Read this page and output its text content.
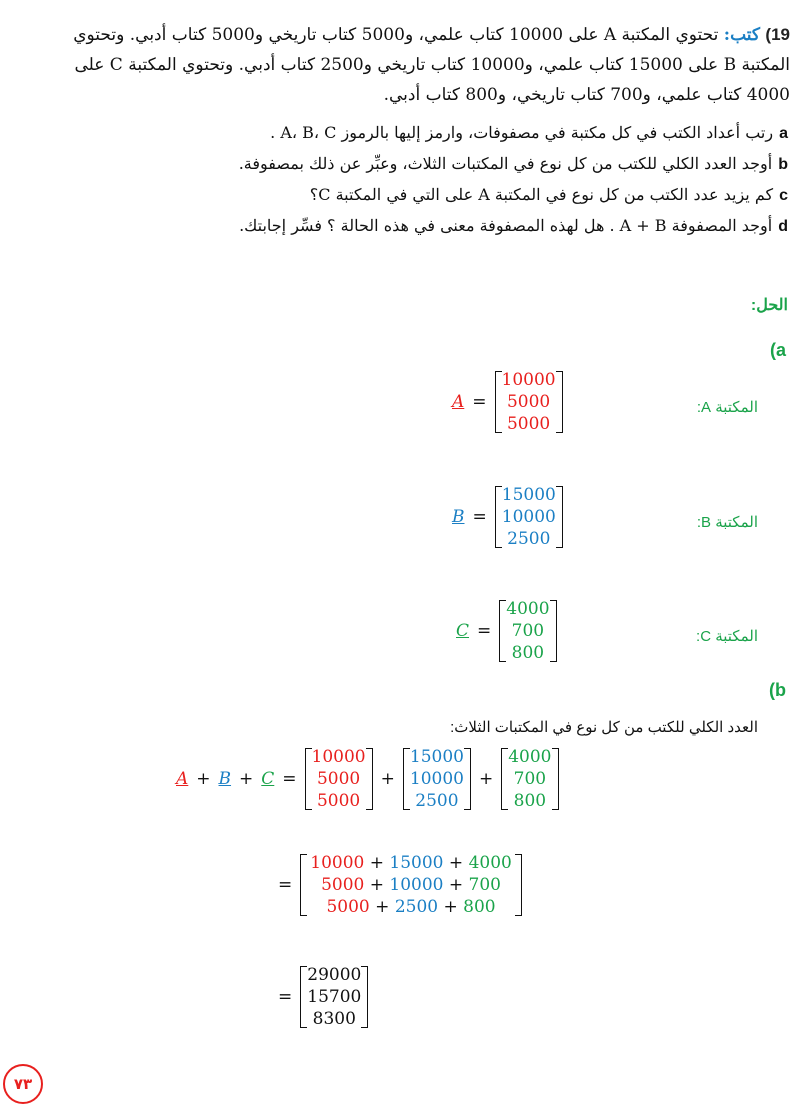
19) كتب: تحتوي المكتبة A على 10000 كتاب علمي، و5000 كتاب تاريخي و5000 كتاب أدبي. وتحتوي
المكتبة B على 15000 كتاب علمي، و10000 كتاب تاريخي و2500 كتاب أدبي. وتحتوي المكتبة C على
4000 كتاب علمي، و700 كتاب تاريخي، و800 كتاب أدبي.
aرتب أعداد الكتب في كل مكتبة في مصفوفات، وارمز إليها بالرموز A، B، C .
bأوجد العدد الكلي للكتب من كل نوع في المكتبات الثلاث، وعبِّر عن ذلك بمصفوفة.
cكم يزيد عدد الكتب من كل نوع في المكتبة A على التي في المكتبة C؟
dأوجد المصفوفة A + B . هل لهذه المصفوفة معنى في هذه الحالة ؟ فسِّر إجابتك.
الحل:
(a
A =
10000
5000
5000
المكتبة A:
B =
15000
10000
2500
المكتبة B:
C =
4000
700
800
المكتبة C:
(b
العدد الكلي للكتب من كل نوع في المكتبات الثلاث:
A + B + C =
10000
5000
5000
+
15000
10000
2500
+
4000
700
800
=
10000 + 15000 + 4000
5000 + 10000 + 700
5000 + 2500 + 800
=
29000
15700
8300
٧٣
